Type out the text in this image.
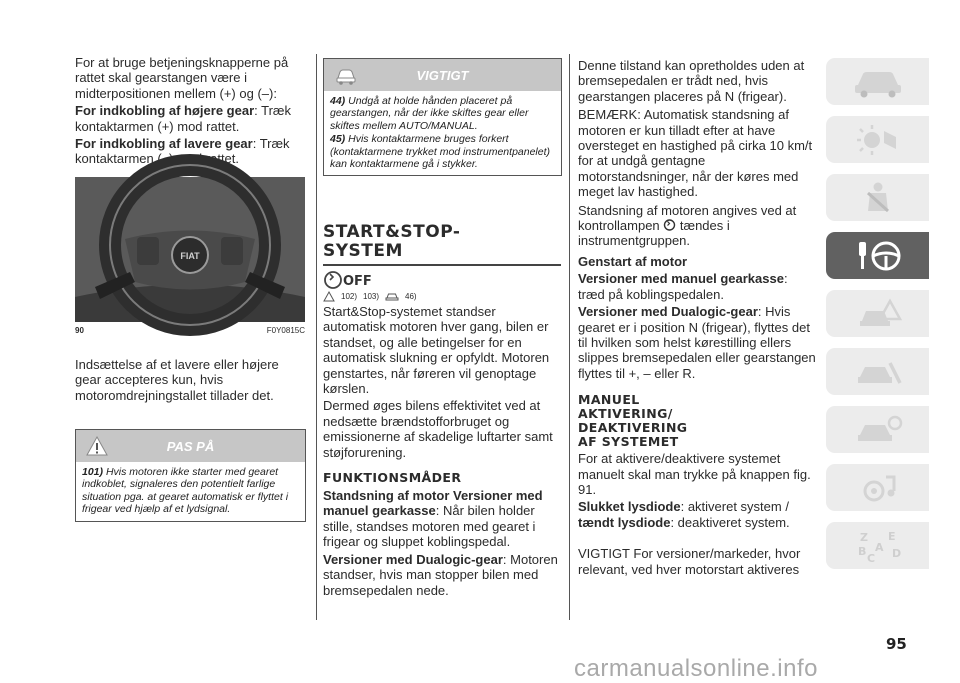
For at bruge betjeningsknapperne på rattet skal gearstangen være i midterpositionen mellem (+) og (–):

For indkobling af højere gear: Træk kontaktarmen (+) mod rattet.

For indkobling af lavere gear: Træk kontaktarmen (–) mod rattet.

FIAT
90	F0Y0815C

Indsættelse af et lavere eller højere gear accepteres kun, hvis motoromdrejningstallet tillader det.

PAS PÅ
101) Hvis motoren ikke starter med gearet indkoblet, signaleres den potentielt farlige situation pga. at gearet automatisk er flyttet i frigear ved hjælp af et lydsignal.
VIGTIGT
44) Undgå at holde hånden placeret på gearstangen, når der ikke skiftes gear eller skiftes mellem AUTO/MANUAL.
45) Hvis kontaktarmene bruges forkert (kontaktarmene trykket mod instrumentpanelet) kan kontaktarmene gå i stykker.
START&STOP-
SYSTEM
OFF
102) 103)	46)

Start&Stop-systemet standser automatisk motoren hver gang, bilen er standset, og alle betingelser for en automatisk slukning er opfyldt. Motoren genstartes, når føreren vil genoptage kørslen.

Dermed øges bilens effektivitet ved at nedsætte brændstofforbruget og emissionerne af skadelige luftarter samt støjforurening.

FUNKTIONSMÅDER

Standsning af motor Versioner med manuel gearkasse: Når bilen holder stille, standses motoren med gearet i frigear og sluppet koblingspedal.

Versioner med Dualogic-gear: Motoren standser, hvis man stopper bilen med bremsepedalen nede.

Denne tilstand kan opretholdes uden at bremsepedalen er trådt ned, hvis gearstangen placeres på N (frigear).

BEMÆRK: Automatisk standsning af motoren er kun tilladt efter at have oversteget en hastighed på cirka 10 km/t for at undgå gentagne motorstandsninger, når der køres med meget lav hastighed.

Standsning af motoren angives ved at kontrollampen tændes i instrumentgruppen.

Genstart af motor

Versioner med manuel gearkasse: træd på koblingspedalen.

Versioner med Dualogic-gear: Hvis gearet er i position N (frigear), flyttes det til hvilken som helst kørestilling ellers slippes bremsepedalen eller gearstangen flyttes til +, – eller R.

MANUEL
AKTIVERING/
DEAKTIVERING
AF SYSTEMET

For at aktivere/deaktivere systemet manuelt skal man trykke på knappen fig. 91.

Slukket lysdiode: aktiveret system /
tændt lysdiode: deaktiveret system.

VIGTIGT For versioner/markeder, hvor relevant, ved hver motorstart aktiveres

Z E
B A
C D
95
carmanualsonline.info
